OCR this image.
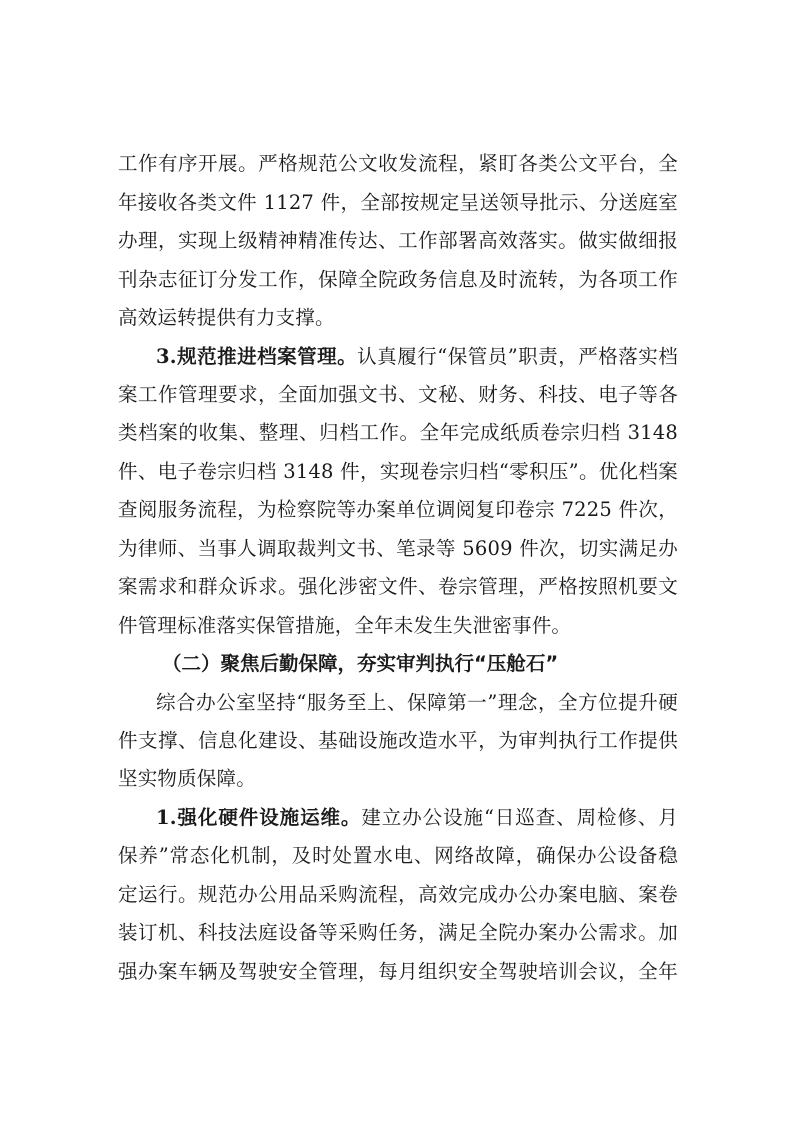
工作有序开展。严格规范公文收发流程，紧盯各类公文平台，全
年接收各类文件 1127 件，全部按规定呈送领导批示、分送庭室
办理，实现上级精神精准传达、工作部署高效落实。做实做细报
刊杂志征订分发工作，保障全院政务信息及时流转，为各项工作
高效运转提供有力支撑。
3.规范推进档案管理。认真履行“保管员”职责，严格落实档
案工作管理要求，全面加强文书、文秘、财务、科技、电子等各
类档案的收集、整理、归档工作。全年完成纸质卷宗归档 3148
件、电子卷宗归档 3148 件，实现卷宗归档“零积压”。优化档案
查阅服务流程，为检察院等办案单位调阅复印卷宗 7225 件次，
为律师、当事人调取裁判文书、笔录等 5609 件次，切实满足办
案需求和群众诉求。强化涉密文件、卷宗管理，严格按照机要文
件管理标准落实保管措施，全年未发生失泄密事件。
（二）聚焦后勤保障，夯实审判执行“压舱石”
综合办公室坚持“服务至上、保障第一”理念，全方位提升硬
件支撑、信息化建设、基础设施改造水平，为审判执行工作提供
坚实物质保障。
1.强化硬件设施运维。建立办公设施“日巡查、周检修、月
保养”常态化机制，及时处置水电、网络故障，确保办公设备稳
定运行。规范办公用品采购流程，高效完成办公办案电脑、案卷
装订机、科技法庭设备等采购任务，满足全院办案办公需求。加
强办案车辆及驾驶安全管理，每月组织安全驾驶培训会议，全年
